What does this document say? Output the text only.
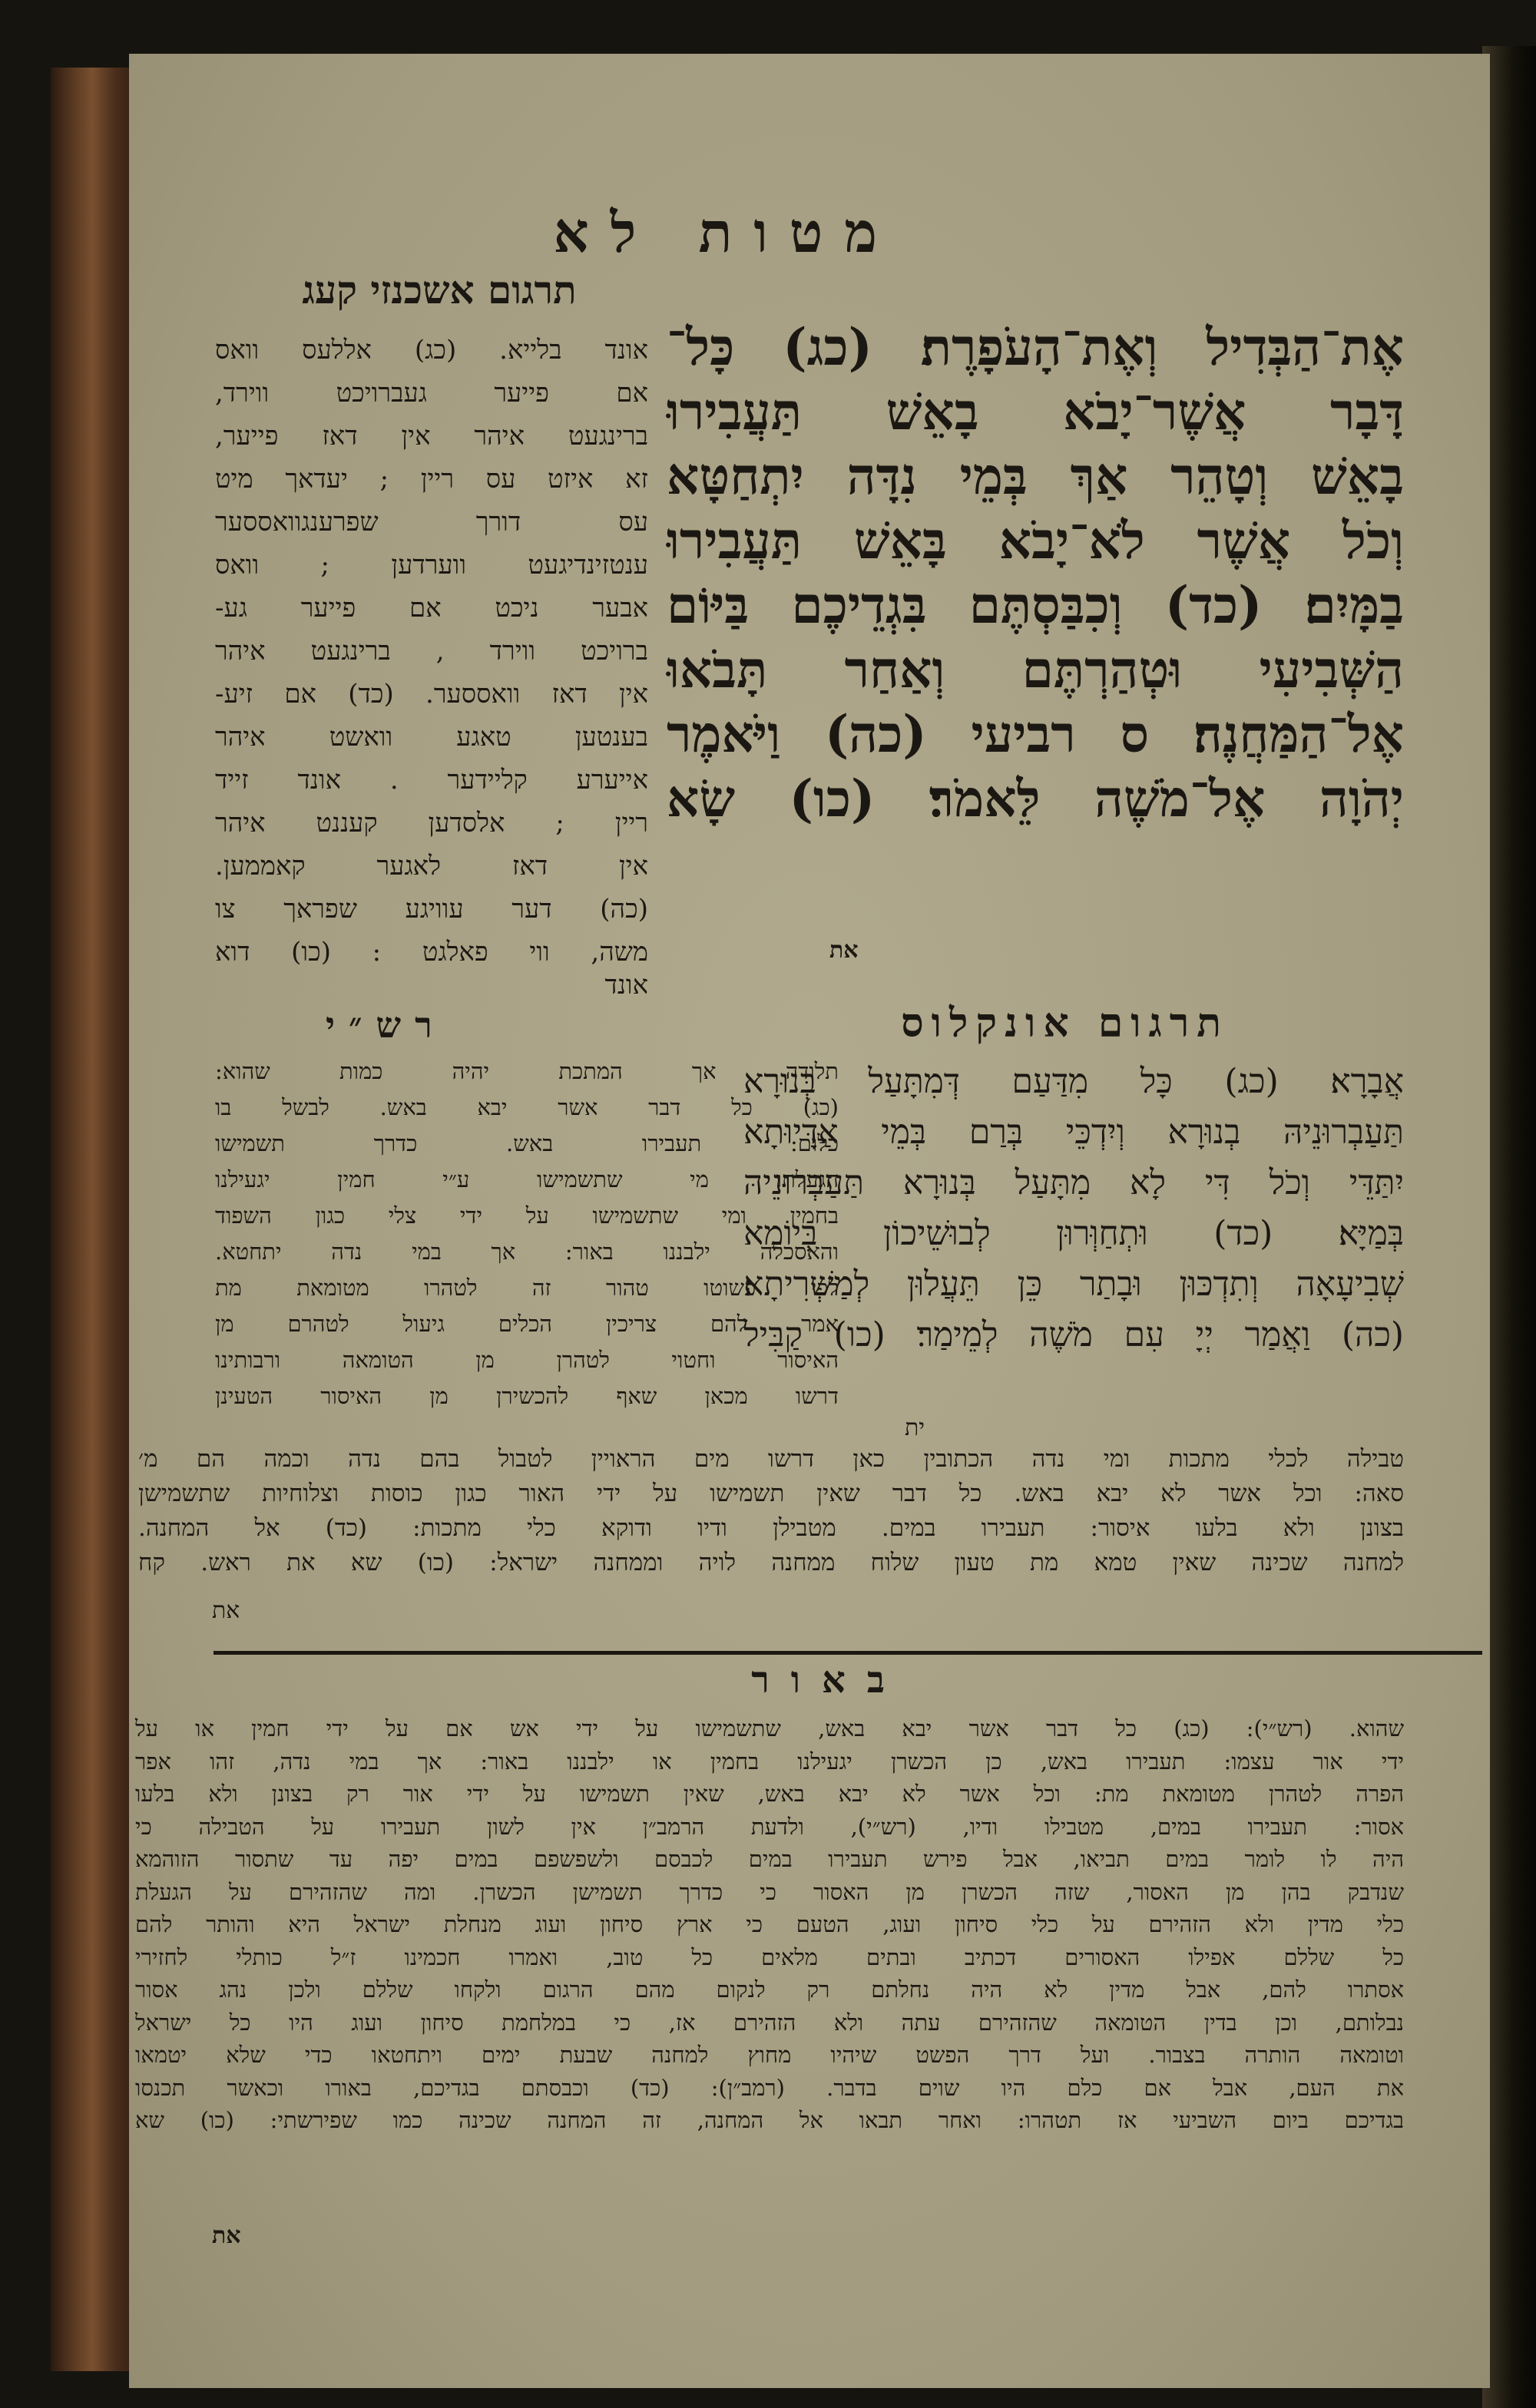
מטות לא
תרגום אשכנזי קעג
אֶת־הַבְּדִיל וְאֶת־הָעֹפָרֶת׃ (כג) כָּל־
דָּבָר אֲשֶׁר־יָבֹא בָאֵשׁ תַּעֲבִירוּ
בָאֵשׁ וְטָהֵר אַךְ בְּמֵי נִדָּה יִתְחַטָּא
וְכֹל אֲשֶׁר לֹא־יָבֹא בָּאֵשׁ תַּעֲבִירוּ
בַמָּיִם׃ (כד) וְכִבַּסְתֶּם בִּגְדֵיכֶם בַּיּוֹם
הַשְּׁבִיעִי וּטְהַרְתֶּם וְאַחַר תָּבֹאוּ
אֶל־הַמַּחֲנֶה׃ ס רביעי (כה) וַיֹּאמֶר
יְהֹוָה אֶל־מֹשֶׁה לֵּאמֹר׃ (כו) שָׂא
את
אונד בלייא. (כג) אללעס וואס
אם פייער געברויכט ווירד,
ברינגעט איהר אין דאז פייער,
זא איזט עס ריין ; יעדאך מיט
עס דורך שפרענגוואססער
ענטזינדיגעט ווערדען ; וואס
אבער ניכט אם פייער גע-
ברויכט ווירד , ברינגעט איהר
אין דאז וואססער. (כד) אם זיע-
בענטען טאגע וואשט איהר
אייערע קליידער . אונד זייד
ריין ; אלסדען קעננט איהר
אין דאז לאגער קאממען.
(כה) דער עוויגע שפראך צו
משה, ווי פאלגט : (כו) דוא
אונד
תרגום אונקלוס
אֲבָרָא׃ (כג) כָּל מִדַּעַם דְּמִתָּעַל בְּנוּרָא
תַּעַבְרוּנֵיהּ בְנוּרָא וְיִדְכֵּי בְּרַם בְּמֵי אַדָּיוּתָא
יִתַּדֵּי וְכֹל דִּי לָא מִתָּעַל בְּנוּרָא תַּעַבְרוּנֵיהּ
בְּמַיָּא׃ (כד) וּתְחַוְּרוּן לְבוּשֵׁיכוֹן בְּיוֹמָא
שְׁבִיעָאָה וְתִדְכּוּן וּבָתַר כֵּן תֵּעֲלוּן לְמַשְׁרִיתָא׃
(כה) וַאֲמַר יְיָ עִם מֹשֶׁה לְמֵימַר׃ (כו) קַבִּיל
ית
רש״י
תלודה אך המתכת יהיה כמות שהוא:
(כג) כל דבר אשר יבא באש. לבשל בו
כלום: תעבירו באש. כדרך תשמישו
הגעלתו מי שתשמישו ע״י חמין יגעילנו
בחמין ומי שתשמישו על ידי צלי כגון השפוד
והאסכלה ילבננו באור: אך במי נדה יתחטא.
לפי פשוטו טהור זה לטהרו מטומאת מת
אמר להם צריכין הכלים גיעול לטהרם מן
האיסור וחטוי לטהרן מן הטומאה ורבותינו
דרשו מכאן שאף להכשירן מן האיסור הטעינן
טבילה לכלי מתכות ומי נדה הכתובין כאן דרשו מים הראויין לטבול בהם נדה וכמה הם מ׳
סאה: וכל אשר לא יבא באש. כל דבר שאין תשמישו על ידי האור כגון כוסות וצלוחיות שתשמישן
בצונן ולא בלעו איסור: תעבירו במים. מטבילן ודיו ודוקא כלי מתכות: (כד) אל המחנה.
למחנה שכינה שאין טמא מת טעון שלוח ממחנה לויה וממחנה ישראל: (כו) שא את ראש. קח
את
באור
שהוא. (רש״י): (כג) כל דבר אשר יבא באש, שתשמישו על ידי אש אם על ידי חמין או על
ידי אור עצמו: תעבירו באש, כן הכשרן יגעילנו בחמין או ילבננו באור: אך במי נדה, זהו אפר
הפרה לטהרן מטומאת מת: וכל אשר לא יבא באש, שאין תשמישו על ידי אור רק בצונן ולא בלעו
אסור: תעבירו במים, מטבילו ודיו, (רש״י), ולדעת הרמב״ן אין לשון תעבירו על הטבילה כי
היה לו לומר במים תביאו, אבל פירש תעבירו במים לכבסם ולשפשפם במים יפה עד שתסור הזוהמא
שנדבק בהן מן האסור, שזה הכשרן מן האסור כי כדרך תשמישן הכשרן. ומה שהזהירם על הגעלת
כלי מדין ולא הזהירם על כלי סיחון ועוג, הטעם כי ארץ סיחון ועוג מנחלת ישראל היא והותר להם
כל שללם אפילו האסורים דכתיב ובתים מלאים כל טוב, ואמרו חכמינו ז״ל כותלי לחזירי
אסתרו להם, אבל מדין לא היה נחלתם רק לנקום מהם הרגום ולקחו שללם ולכן נהג אסור
נבלותם, וכן בדין הטומאה שהזהירם עתה ולא הזהירם אז, כי במלחמת סיחון ועוג היו כל ישראל
וטומאה הותרה בצבור. ועל דרך הפשט שיהיו מחוץ למחנה שבעת ימים ויתחטאו כדי שלא יטמאו
את העם, אבל אם כלם היו שוים בדבר. (רמב״ן): (כד) וכבסתם בגדיכם, באורו וכאשר תכנסו
בגדיכם ביום השביעי אז תטהרו: ואחר תבאו אל המחנה, זה המחנה שכינה כמו שפירשתי: (כו) שא
את
